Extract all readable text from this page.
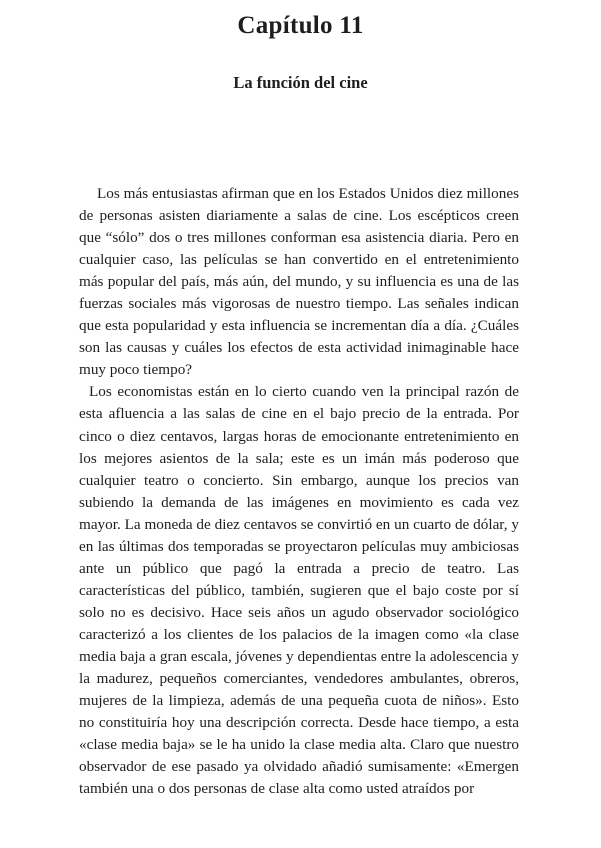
Capítulo 11
La función del cine

Los más entusiastas afirman que en los Estados Unidos diez millones de personas asisten diariamente a salas de cine. Los escépticos creen que “sólo” dos o tres millones conforman esa asistencia diaria. Pero en cualquier caso, las películas se han convertido en el entretenimiento más popular del país, más aún, del mundo, y su influencia es una de las fuerzas sociales más vigorosas de nuestro tiempo. Las señales indican que esta popularidad y esta influencia se incrementan día a día. ¿Cuáles son las causas y cuáles los efectos de esta actividad inimaginable hace muy poco tiempo?

Los economistas están en lo cierto cuando ven la principal razón de esta afluencia a las salas de cine en el bajo precio de la entrada. Por cinco o diez centavos, largas horas de emocionante entretenimiento en los mejores asientos de la sala; este es un imán más poderoso que cualquier teatro o concierto. Sin embargo, aunque los precios van subiendo la demanda de las imágenes en movimiento es cada vez mayor. La moneda de diez centavos se convirtió en un cuarto de dólar, y en las últimas dos temporadas se proyectaron películas muy ambiciosas ante un público que pagó la entrada a precio de teatro. Las características del público, también, sugieren que el bajo coste por sí solo no es decisivo. Hace seis años un agudo observador sociológico caracterizó a los clientes de los palacios de la imagen como «la clase media baja a gran escala, jóvenes y dependientas entre la adolescencia y la madurez, pequeños comerciantes, vendedores ambulantes, obreros, mujeres de la limpieza, además de una pequeña cuota de niños». Esto no constituiría hoy una descripción correcta. Desde hace tiempo, a esta «clase media baja» se le ha unido la clase media alta. Claro que nuestro observador de ese pasado ya olvidado añadió sumisamente: «Emergen también una o dos personas de clase alta como usted atraídos por
